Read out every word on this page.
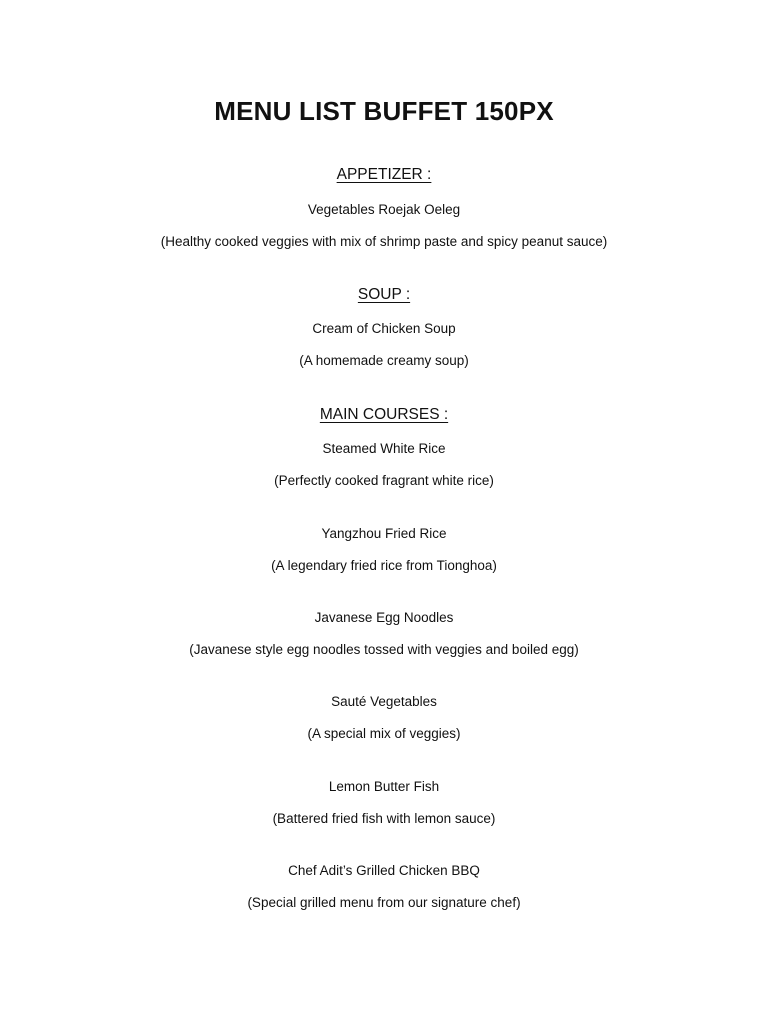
MENU LIST BUFFET 150PX
APPETIZER :
Vegetables Roejak Oeleg
(Healthy cooked veggies with mix of shrimp paste and spicy peanut sauce)
SOUP :
Cream of Chicken Soup
(A homemade creamy soup)
MAIN COURSES :
Steamed White Rice
(Perfectly cooked fragrant white rice)
Yangzhou Fried Rice
(A legendary fried rice from Tionghoa)
Javanese Egg Noodles
(Javanese style egg noodles tossed with veggies and boiled egg)
Sauté Vegetables
(A special mix of veggies)
Lemon Butter Fish
(Battered fried fish with lemon sauce)
Chef Adit’s Grilled Chicken BBQ
(Special grilled menu from our signature chef)
